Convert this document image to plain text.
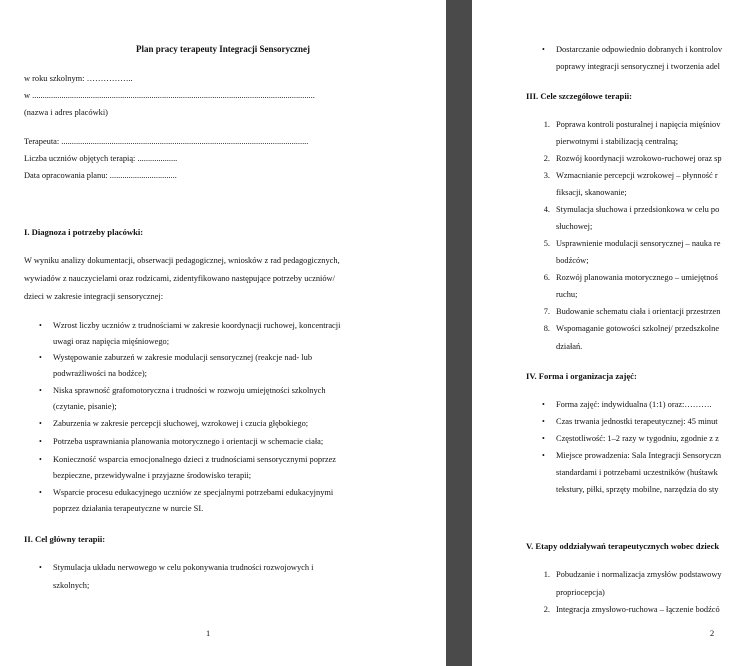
Plan pracy terapeuty Integracji Sensorycznej
w roku szkolnym: ……………..
w .......................................................................................................................................
(nazwa i adres placówki)
Terapeuta: ......................................................................................................................
Liczba uczniów objętych terapią: ...................
Data opracowania planu: ................................
I. Diagnoza i potrzeby placówki:
W wyniku analizy dokumentacji, obserwacji pedagogicznej, wniosków z rad pedagogicznych,
wywiadów z nauczycielami oraz rodzicami, zidentyfikowano następujące potrzeby uczniów/
dzieci w zakresie integracji sensorycznej:
• Wzrost liczby uczniów z trudnościami w zakresie koordynacji ruchowej, koncentracji
uwagi oraz napięcia mięśniowego;
• Występowanie zaburzeń w zakresie modulacji sensorycznej (reakcje nad- lub
podwrażliwości na bodźce);
• Niska sprawność grafomotoryczna i trudności w rozwoju umiejętności szkolnych
(czytanie, pisanie);
• Zaburzenia w zakresie percepcji słuchowej, wzrokowej i czucia głębokiego;
• Potrzeba usprawniania planowania motorycznego i orientacji w schemacie ciała;
• Konieczność wsparcia emocjonalnego dzieci z trudnościami sensorycznymi poprzez
bezpieczne, przewidywalne i przyjazne środowisko terapii;
• Wsparcie procesu edukacyjnego uczniów ze specjalnymi potrzebami edukacyjnymi
poprzez działania terapeutyczne w nurcie SI.
II. Cel główny terapii:
• Stymulacja układu nerwowego w celu pokonywania trudności rozwojowych i
szkolnych;
1
• Dostarczanie odpowiednio dobranych i kontrolov
poprawy integracji sensorycznej i tworzenia adel
III. Cele szczegółowe terapii:
1. Poprawa kontroli posturalnej i napięcia mięśniov
pierwotnymi i stabilizacją centralną;
2. Rozwój koordynacji wzrokowo-ruchowej oraz sp
3. Wzmacnianie percepcji wzrokowej – płynność r
fiksacji, skanowanie;
4. Stymulacja słuchowa i przedsionkowa w celu po
słuchowej;
5. Usprawnienie modulacji sensorycznej – nauka re
bodźców;
6. Rozwój planowania motorycznego – umiejętnoś
ruchu;
7. Budowanie schematu ciała i orientacji przestrzen
8. Wspomaganie gotowości szkolnej/ przedszkolne
działań.
IV. Forma i organizacja zajęć:
• Forma zajęć: indywidualna (1:1) oraz:……….
• Czas trwania jednostki terapeutycznej: 45 minut
• Częstotliwość: 1–2 razy w tygodniu, zgodnie z z
• Miejsce prowadzenia: Sala Integracji Sensoryczn
standardami i potrzebami uczestników (huśtawk
tekstury, piłki, sprzęty mobilne, narzędzia do sty
V. Etapy oddziaływań terapeutycznych wobec dzieck
1. Pobudzanie i normalizacja zmysłów podstawowy
propriocepcja)
2. Integracja zmysłowo-ruchowa – łączenie bodźcó
2
